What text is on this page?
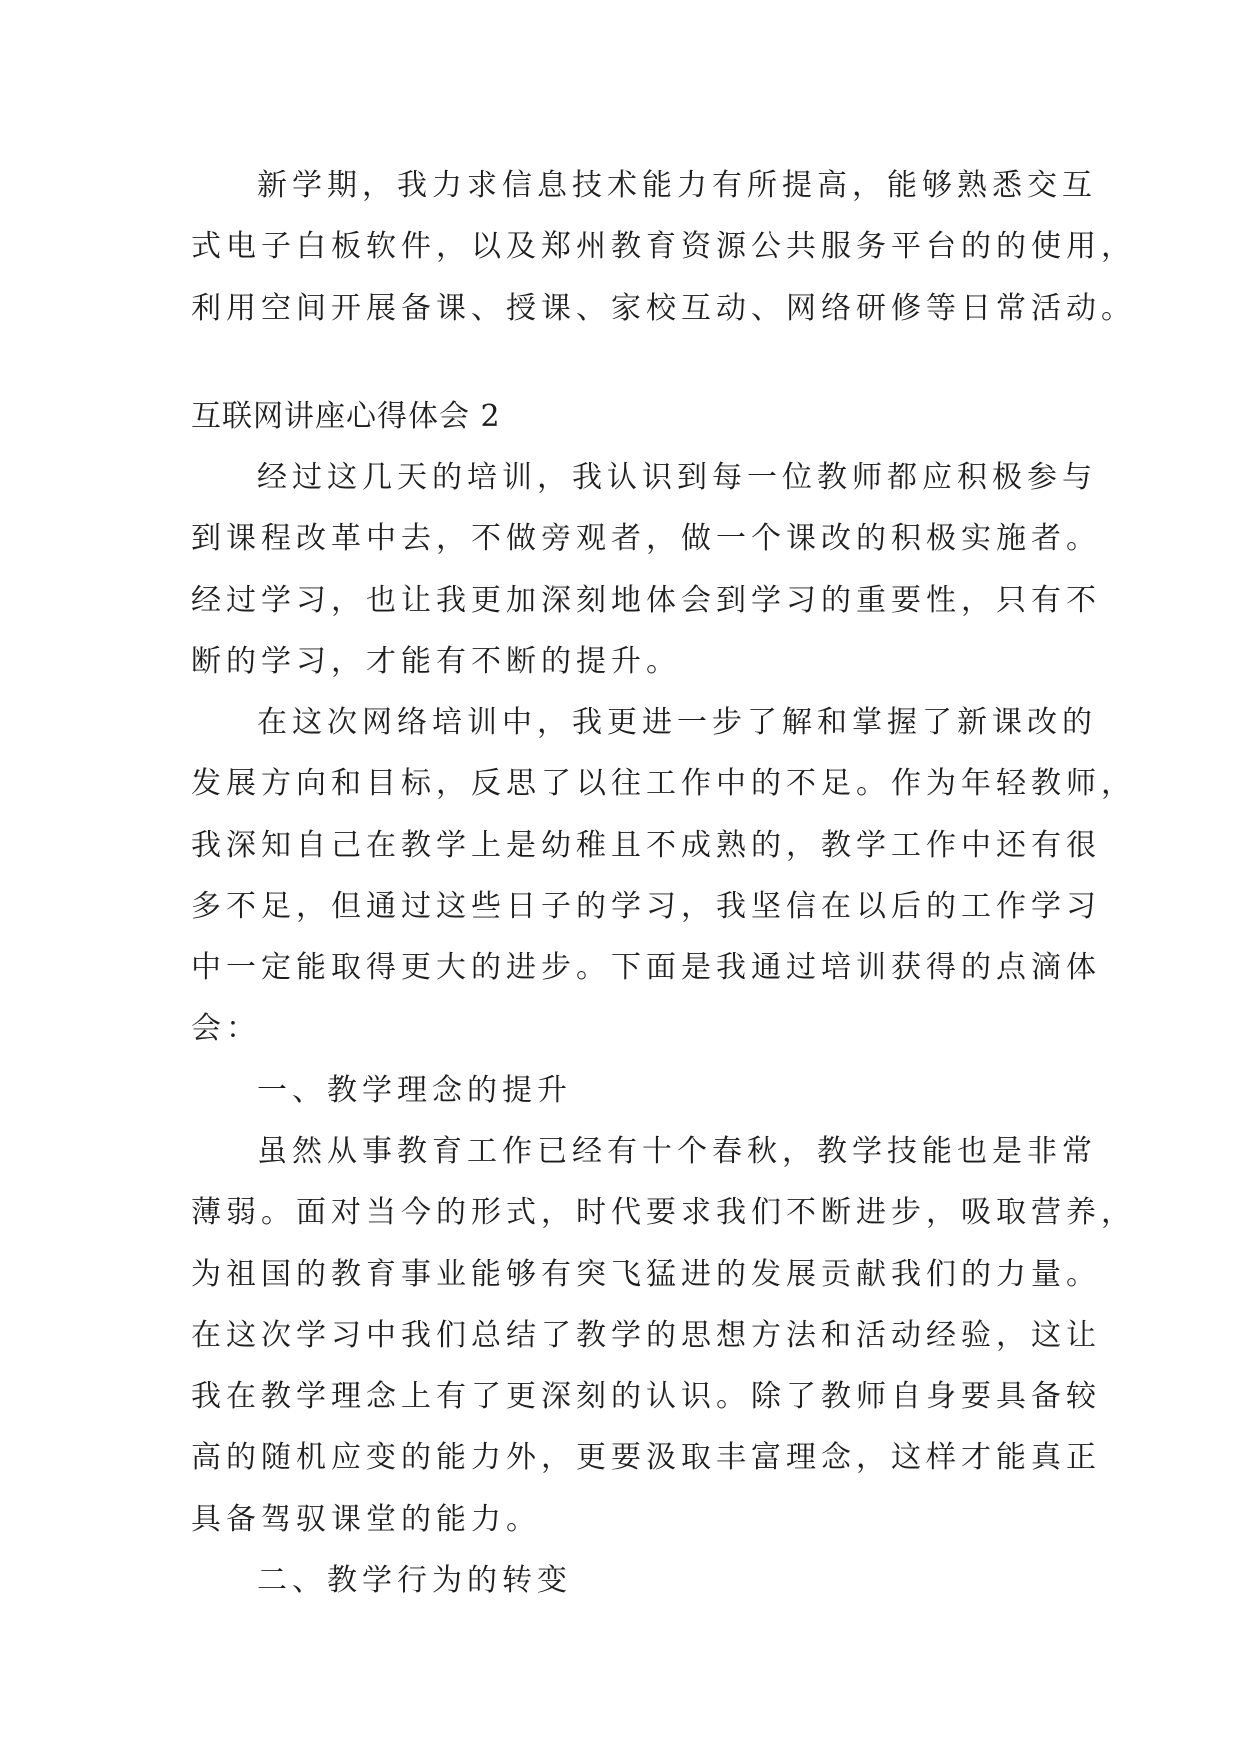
新学期，我力求信息技术能力有所提高，能够熟悉交互
式电子白板软件，以及郑州教育资源公共服务平台的的使用，
利用空间开展备课、授课、家校互动、网络研修等日常活动。
互联网讲座心得体会 2
经过这几天的培训，我认识到每一位教师都应积极参与
到课程改革中去，不做旁观者，做一个课改的积极实施者。
经过学习，也让我更加深刻地体会到学习的重要性，只有不
断的学习，才能有不断的提升。
在这次网络培训中，我更进一步了解和掌握了新课改的
发展方向和目标，反思了以往工作中的不足。作为年轻教师，
我深知自己在教学上是幼稚且不成熟的，教学工作中还有很
多不足，但通过这些日子的学习，我坚信在以后的工作学习
中一定能取得更大的进步。下面是我通过培训获得的点滴体
会：
一、教学理念的提升
虽然从事教育工作已经有十个春秋，教学技能也是非常
薄弱。面对当今的形式，时代要求我们不断进步，吸取营养，
为祖国的教育事业能够有突飞猛进的发展贡献我们的力量。
在这次学习中我们总结了教学的思想方法和活动经验，这让
我在教学理念上有了更深刻的认识。除了教师自身要具备较
高的随机应变的能力外，更要汲取丰富理念，这样才能真正
具备驾驭课堂的能力。
二、教学行为的转变
